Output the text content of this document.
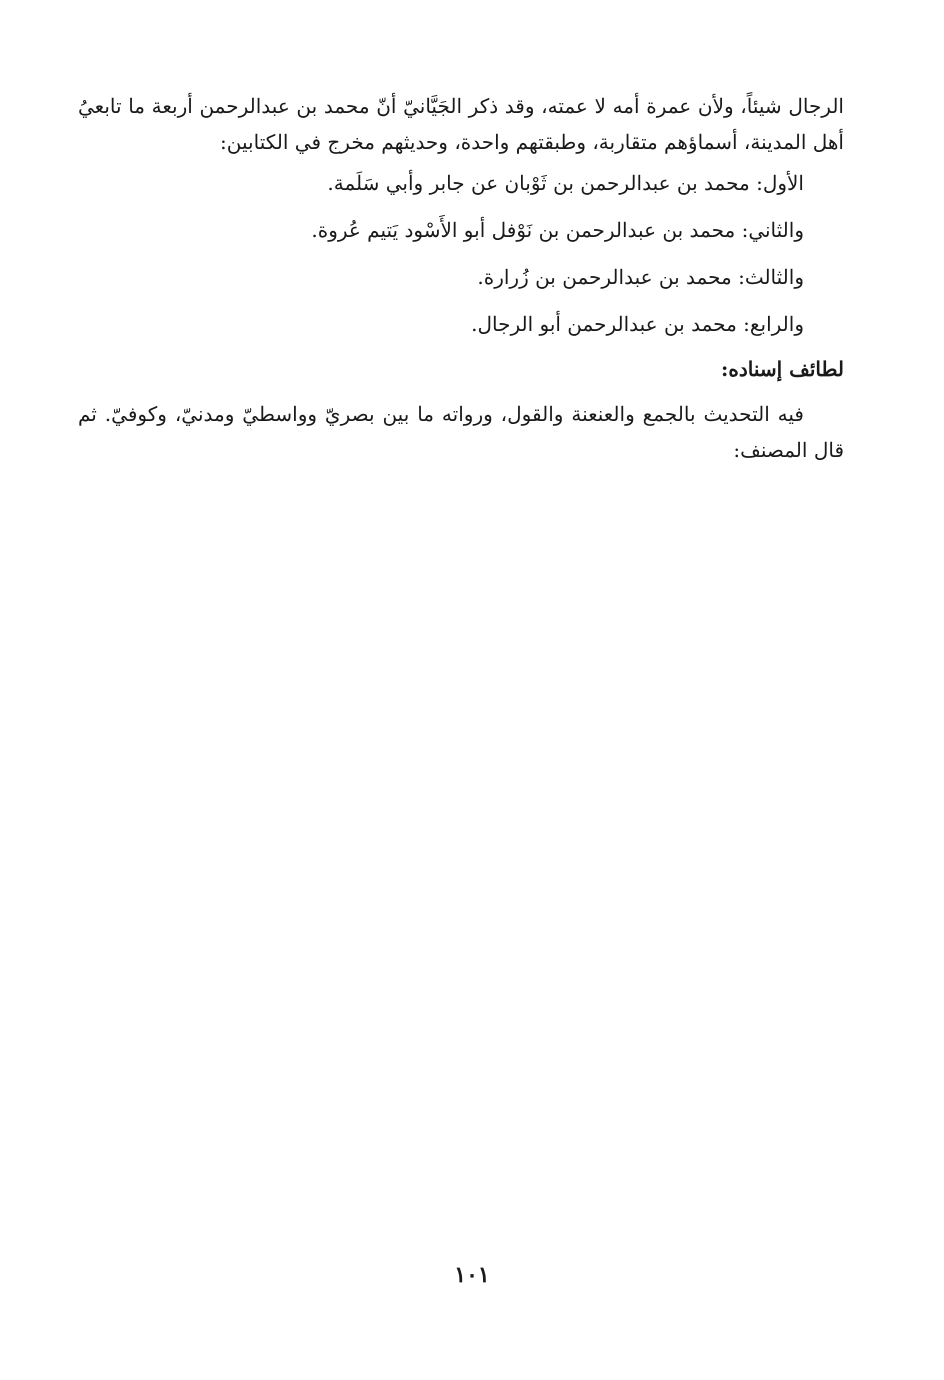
الرجال شيئاً، ولأن عمرة أمه لا عمته، وقد ذكر الجَيَّانيّ أنّ محمد بن عبدالرحمن أربعة ما تابعيُ أهل المدينة، أسماؤهم متقاربة، وطبقتهم واحدة، وحديثهم مخرج في الكتابين:

الأول: محمد بن عبدالرحمن بن ثَوْبان عن جابر وأبي سَلَمة.

والثاني: محمد بن عبدالرحمن بن نَوْفل أبو الأَسْود يَتيم عُروة.

والثالث: محمد بن عبدالرحمن بن زُرارة.

والرابع: محمد بن عبدالرحمن أبو الرجال.

لطائف إسناده:

فيه التحديث بالجمع والعنعنة والقول، ورواته ما بين بصريّ وواسطيّ ومدنيّ، وكوفيّ. ثم قال المصنف:

١٠١
